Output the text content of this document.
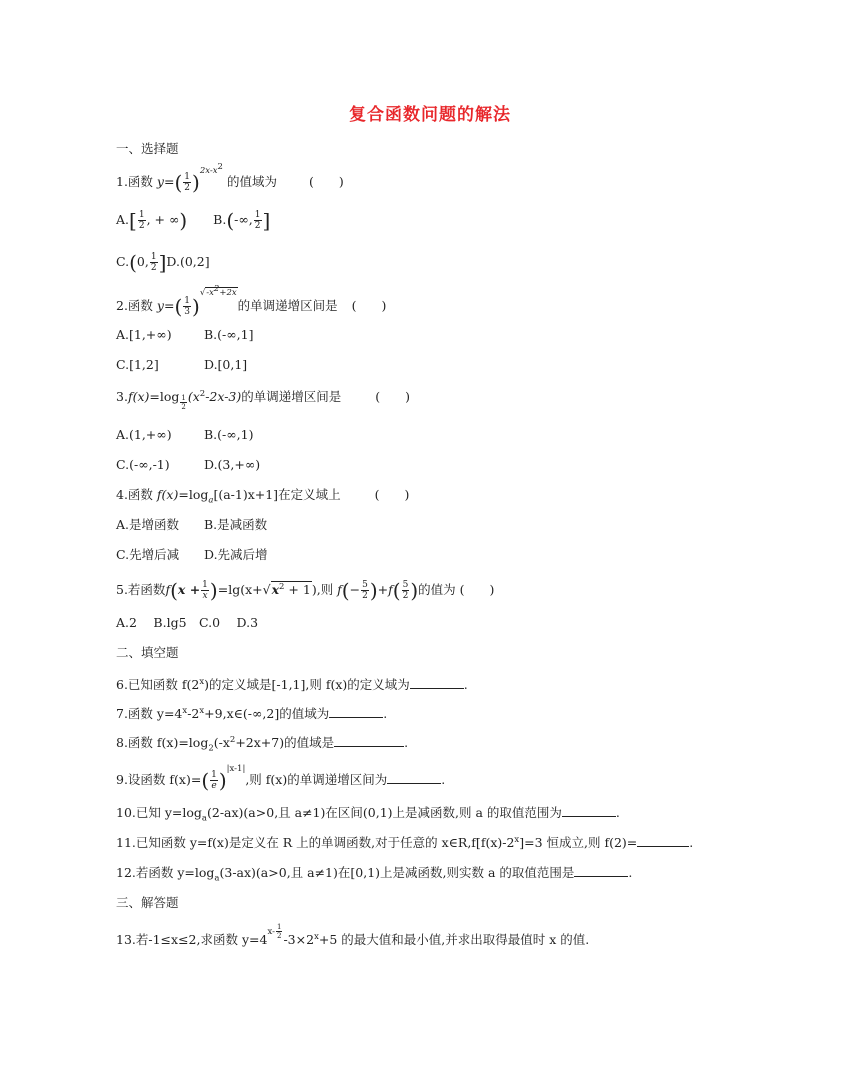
复合函数问题的解法
一、选择题
1.函数 $y=( \frac{1}{2} )^{2x-x^2}$ 的值域为	(　　)
$A.[ \frac{1}{2}$ , + ∞) B.(-∞, $\frac{1}{2}$ ]
C.(0, $\frac{1}{2} ]D.(0,2]$
2.函数 $y=( \frac{1}{3} )^{√-x^2+2x}$的单调递增区间是 (　　)
A.[1,+∞)	B.(-∞,1]
C.[1,2]	D.[0,1]
3.f(x)=log $_{\frac{1}{2}}$ $(x^2-2x-3)$的单调递增区间是	(　　)
A.(1,+∞)	B.(-∞,1)
C.(-∞,-1)	D.(3,+∞)
4.函数 $f(x)=\log_a[(a-1)x+1]$在定义域上	(　　)
A.是增函数 B.是减函数
C.先增后减 D.先减后增
5.若函数$f(x + \frac{1}{x} )=\lg(x+√x^2 + 1)$,则 $f(- \frac{5}{2} )+f( \frac{5}{2}$ )的值为 (　　)
A.2　 B.lg5　C.0　 D.3
二、填空题
6.已知函数 f(2$^x$)的定义域是[-1,1],则 f(x)的定义域为	.
7.函数 $y=4^x-2^x+9,x\in(-\infty,2]$的值域为	.
8.函数 $f(x)=\log_2(-x^2+2x+7)$的值域是	.
9.设函数 $f(x)=( \frac{1}{e} )^{|x-1|}$,则 f(x)的单调递增区间为	.
10.已知 $y=\log_a(2-ax)(a>0$,且 a≠1)在区间(0,1)上是减函数,则 a 的取值范围为	.
11.已知函数 y=f(x)是定义在 R 上的单调函数,对于任意的 $x\in R,f[f(x)-2^x]=3$ 恒成立,则 f(2)=	.
12.若函数 $y=\log_a(3-ax)(a>0$,且 a≠1)在[0,1)上是减函数,则实数 a 的取值范围是	.
三、解答题
13.若-1≤x≤2,求函数 $y=4^{x- \frac{1}{2}}$ $-3\times 2^x+5$ 的最大值和最小值,并求出取得最值时 x 的值.
